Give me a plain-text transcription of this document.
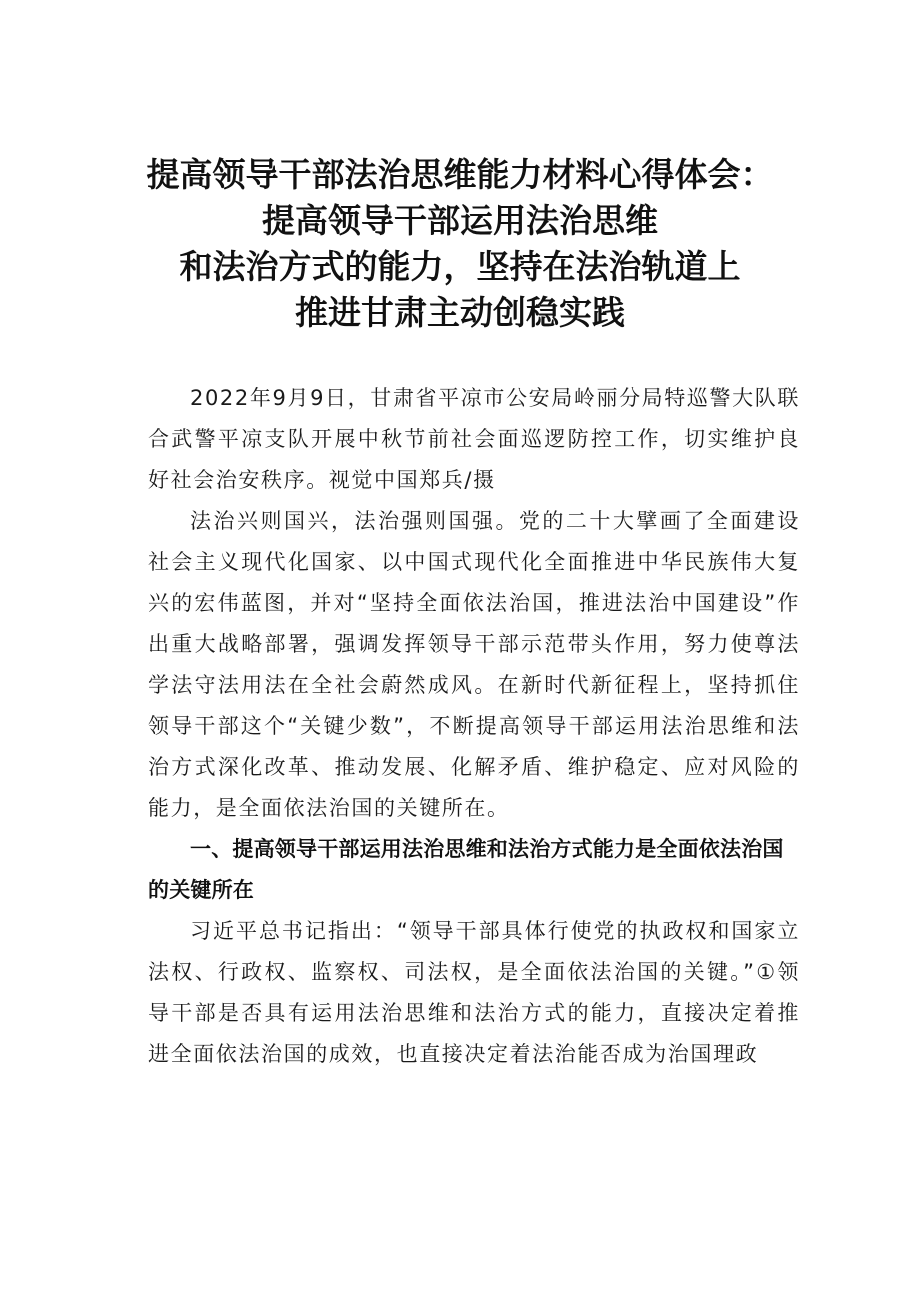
提高领导干部法治思维能力材料心得体会：
提高领导干部运用法治思维
和法治方式的能力，坚持在法治轨道上
推进甘肃主动创稳实践

2022年9月9日，甘肃省平凉市公安局岭丽分局特巡警大队联合武警平凉支队开展中秋节前社会面巡逻防控工作，切实维护良好社会治安秩序。视觉中国郑兵/摄

法治兴则国兴，法治强则国强。党的二十大擘画了全面建设社会主义现代化国家、以中国式现代化全面推进中华民族伟大复兴的宏伟蓝图，并对“坚持全面依法治国，推进法治中国建设”作出重大战略部署，强调发挥领导干部示范带头作用，努力使尊法学法守法用法在全社会蔚然成风。在新时代新征程上，坚持抓住领导干部这个“关键少数”，不断提高领导干部运用法治思维和法治方式深化改革、推动发展、化解矛盾、维护稳定、应对风险的能力，是全面依法治国的关键所在。

一、提高领导干部运用法治思维和法治方式能力是全面依法治国的关键所在

习近平总书记指出：“领导干部具体行使党的执政权和国家立法权、行政权、监察权、司法权，是全面依法治国的关键。”①领导干部是否具有运用法治思维和法治方式的能力，直接决定着推进全面依法治国的成效，也直接决定着法治能否成为治国理政
